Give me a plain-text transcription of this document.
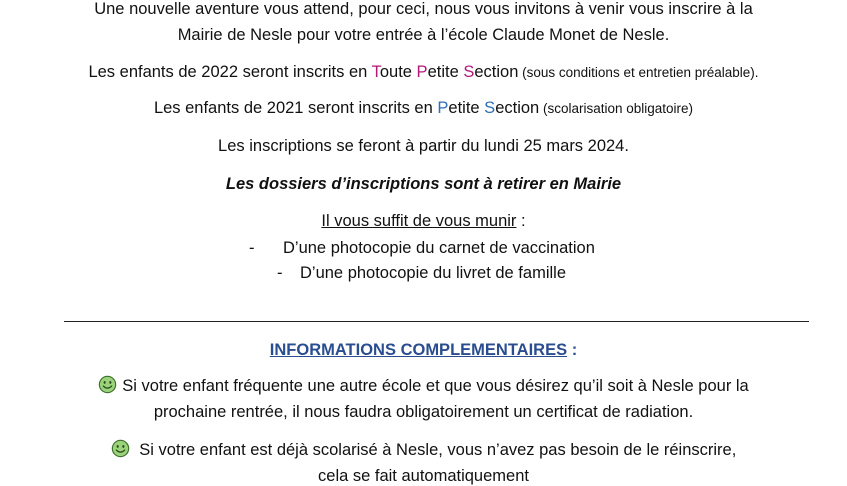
Une nouvelle aventure vous attend, pour ceci, nous vous invitons à venir vous inscrire à la
Mairie de Nesle pour votre entrée à l’école Claude Monet de Nesle.
Les enfants de 2022 seront inscrits en Toute Petite Section (sous conditions et entretien préalable).
Les enfants de 2021 seront inscrits en Petite Section (scolarisation obligatoire)
Les inscriptions se feront à partir du lundi 25 mars 2024.
Les dossiers d’inscriptions sont à retirer en Mairie
Il vous suffit de vous munir :
- D’une photocopie du carnet de vaccination
- D’une photocopie du livret de famille
INFORMATIONS COMPLEMENTAIRES :
Si votre enfant fréquente une autre école et que vous désirez qu’il soit à Nesle pour la
prochaine rentrée, il nous faudra obligatoirement un certificat de radiation.
Si votre enfant est déjà scolarisé à Nesle, vous n’avez pas besoin de le réinscrire,
cela se fait automatiquement
